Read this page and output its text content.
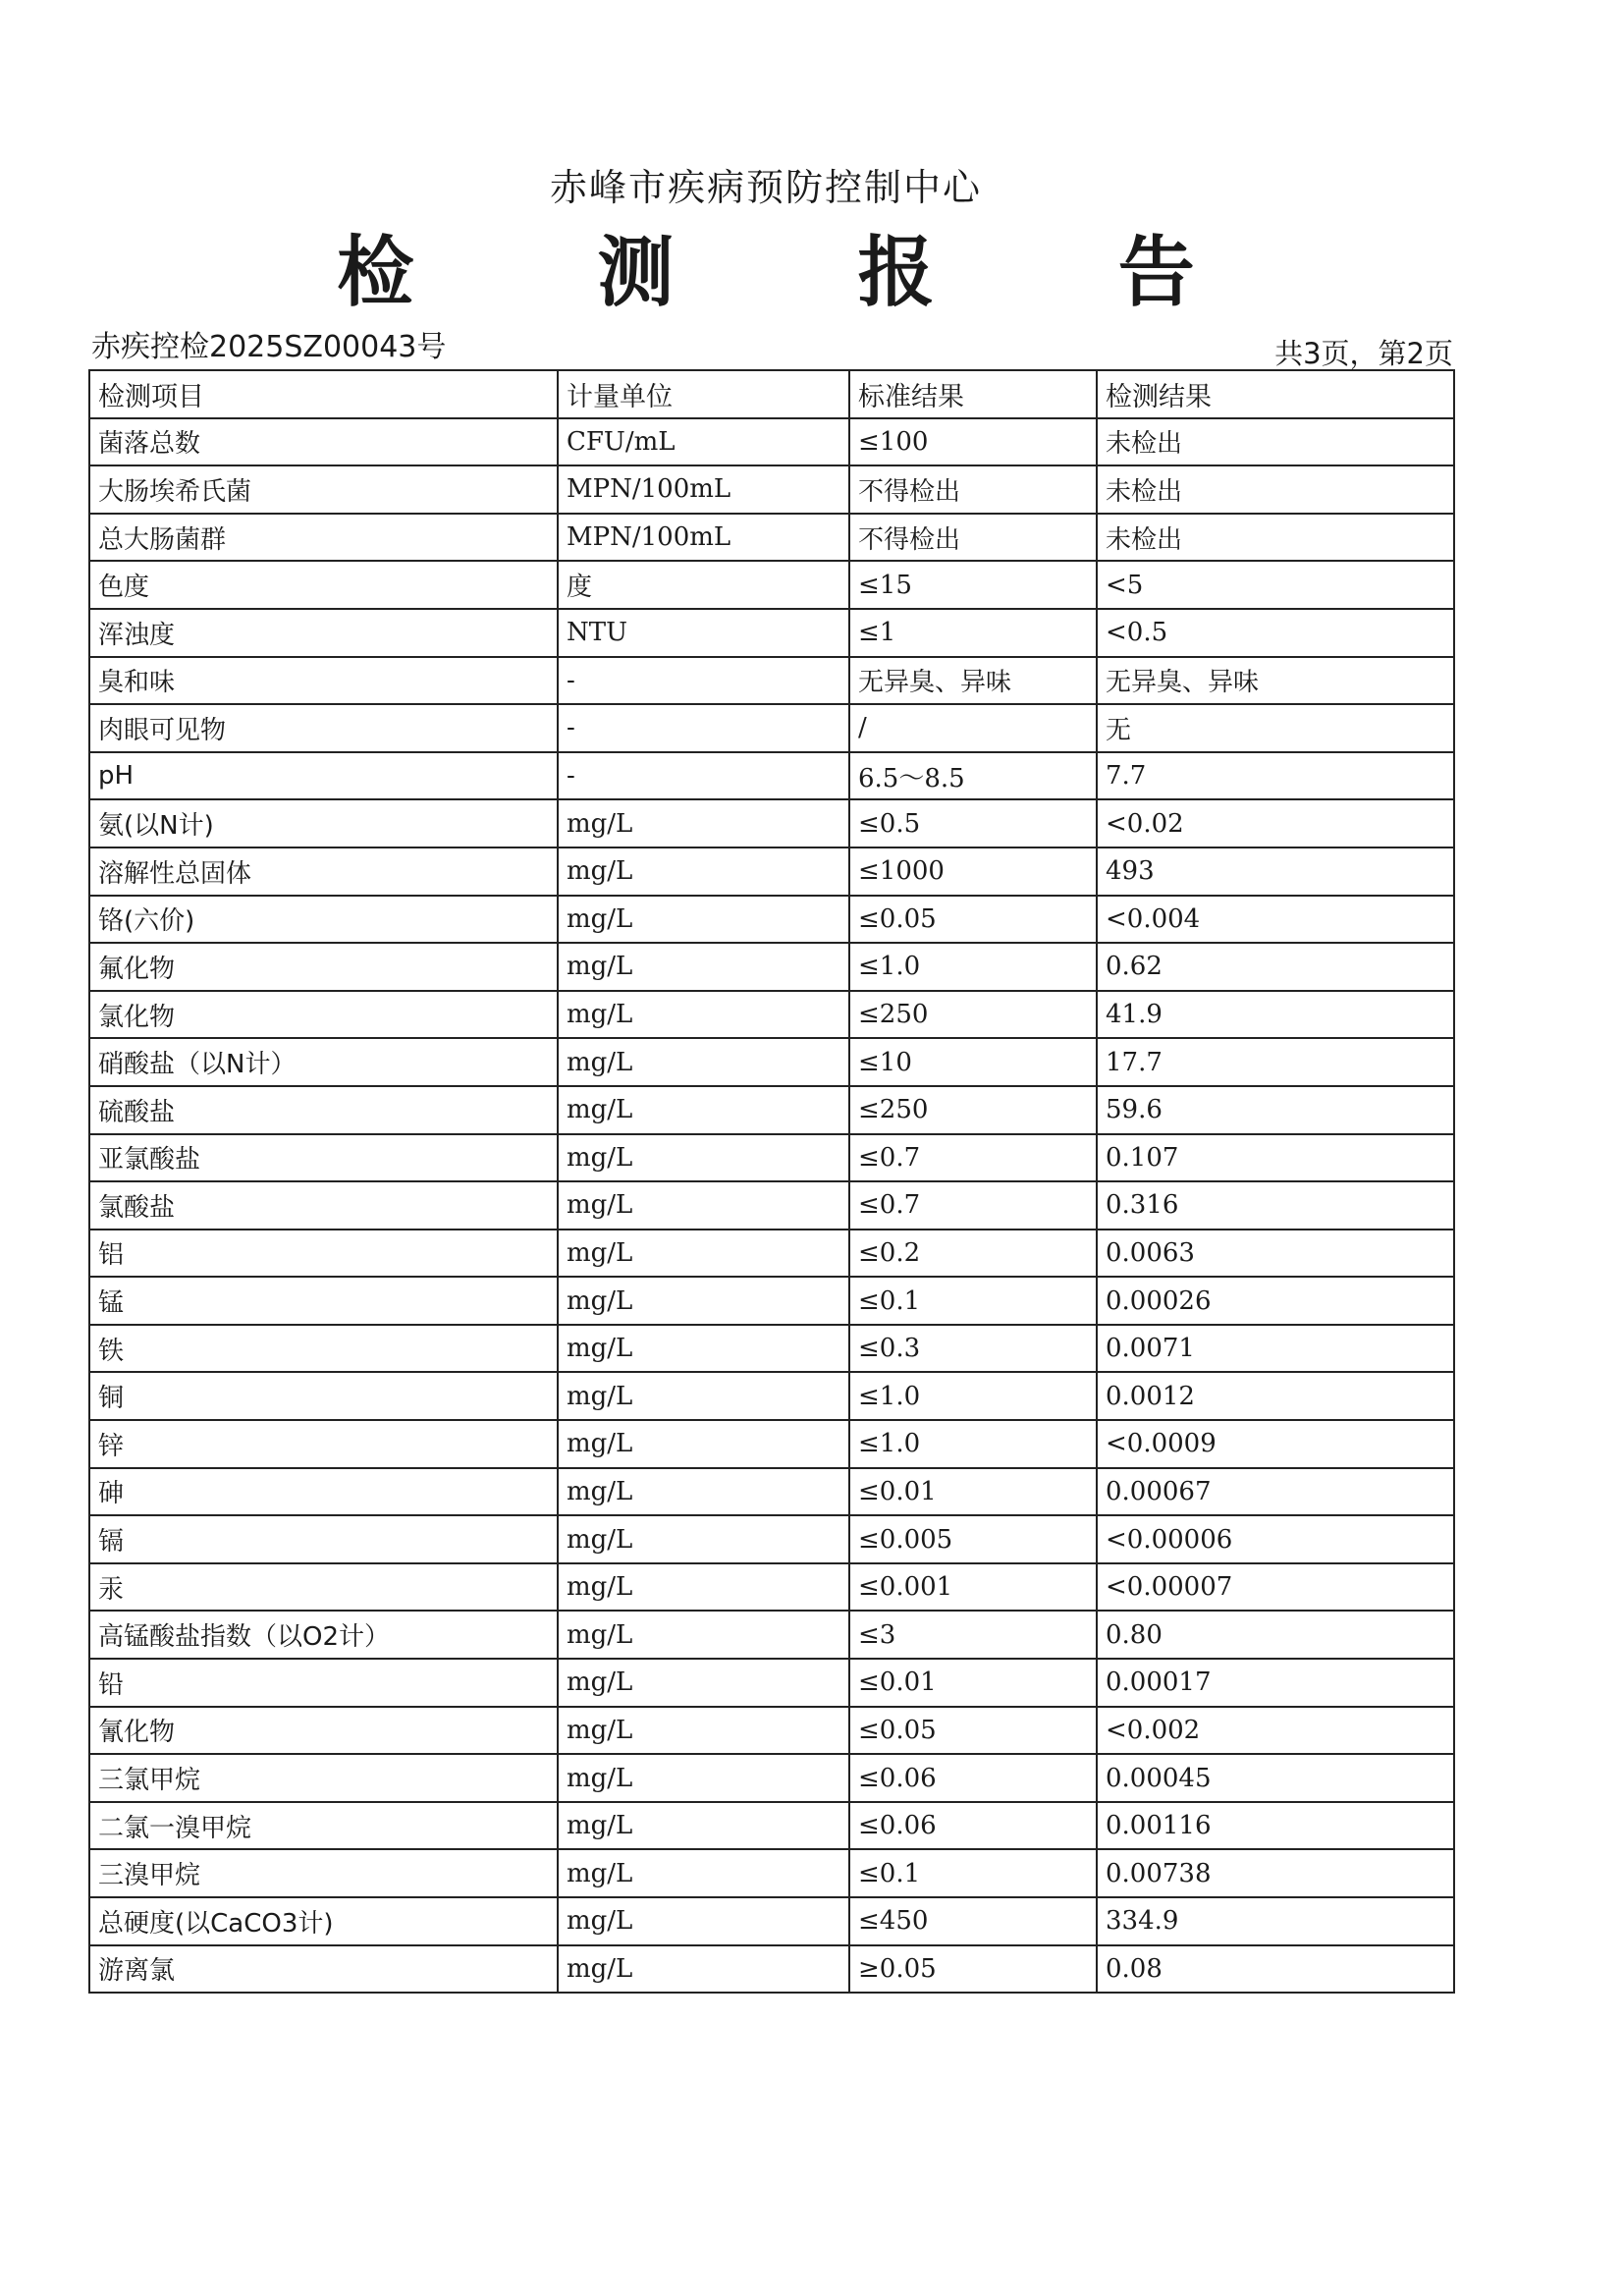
赤峰市疾病预防控制中心
检 测 报 告
赤疾控检2025SZ00043号	共3页，第2页
检测项目	计量单位	标准结果	检测结果
菌落总数	CFU/mL	≤100	未检出
大肠埃希氏菌	MPN/100mL	不得检出	未检出
总大肠菌群	MPN/100mL	不得检出	未检出
色度	度	≤15	<5
浑浊度	NTU	≤1	<0.5
臭和味	-	无异臭、异味	无异臭、异味
肉眼可见物	-	/	无
pH	-	6.5～8.5	7.7
氨(以N计)	mg/L	≤0.5	<0.02
溶解性总固体	mg/L	≤1000	493
铬(六价)	mg/L	≤0.05	<0.004
氟化物	mg/L	≤1.0	0.62
氯化物	mg/L	≤250	41.9
硝酸盐（以N计）	mg/L	≤10	17.7
硫酸盐	mg/L	≤250	59.6
亚氯酸盐	mg/L	≤0.7	0.107
氯酸盐	mg/L	≤0.7	0.316
铝	mg/L	≤0.2	0.0063
锰	mg/L	≤0.1	0.00026
铁	mg/L	≤0.3	0.0071
铜	mg/L	≤1.0	0.0012
锌	mg/L	≤1.0	<0.0009
砷	mg/L	≤0.01	0.00067
镉	mg/L	≤0.005	<0.00006
汞	mg/L	≤0.001	<0.00007
高锰酸盐指数（以O2计）	mg/L	≤3	0.80
铅	mg/L	≤0.01	0.00017
氰化物	mg/L	≤0.05	<0.002
三氯甲烷	mg/L	≤0.06	0.00045
二氯一溴甲烷	mg/L	≤0.06	0.00116
三溴甲烷	mg/L	≤0.1	0.00738
总硬度(以CaCO3计)	mg/L	≤450	334.9
游离氯	mg/L	≥0.05	0.08
